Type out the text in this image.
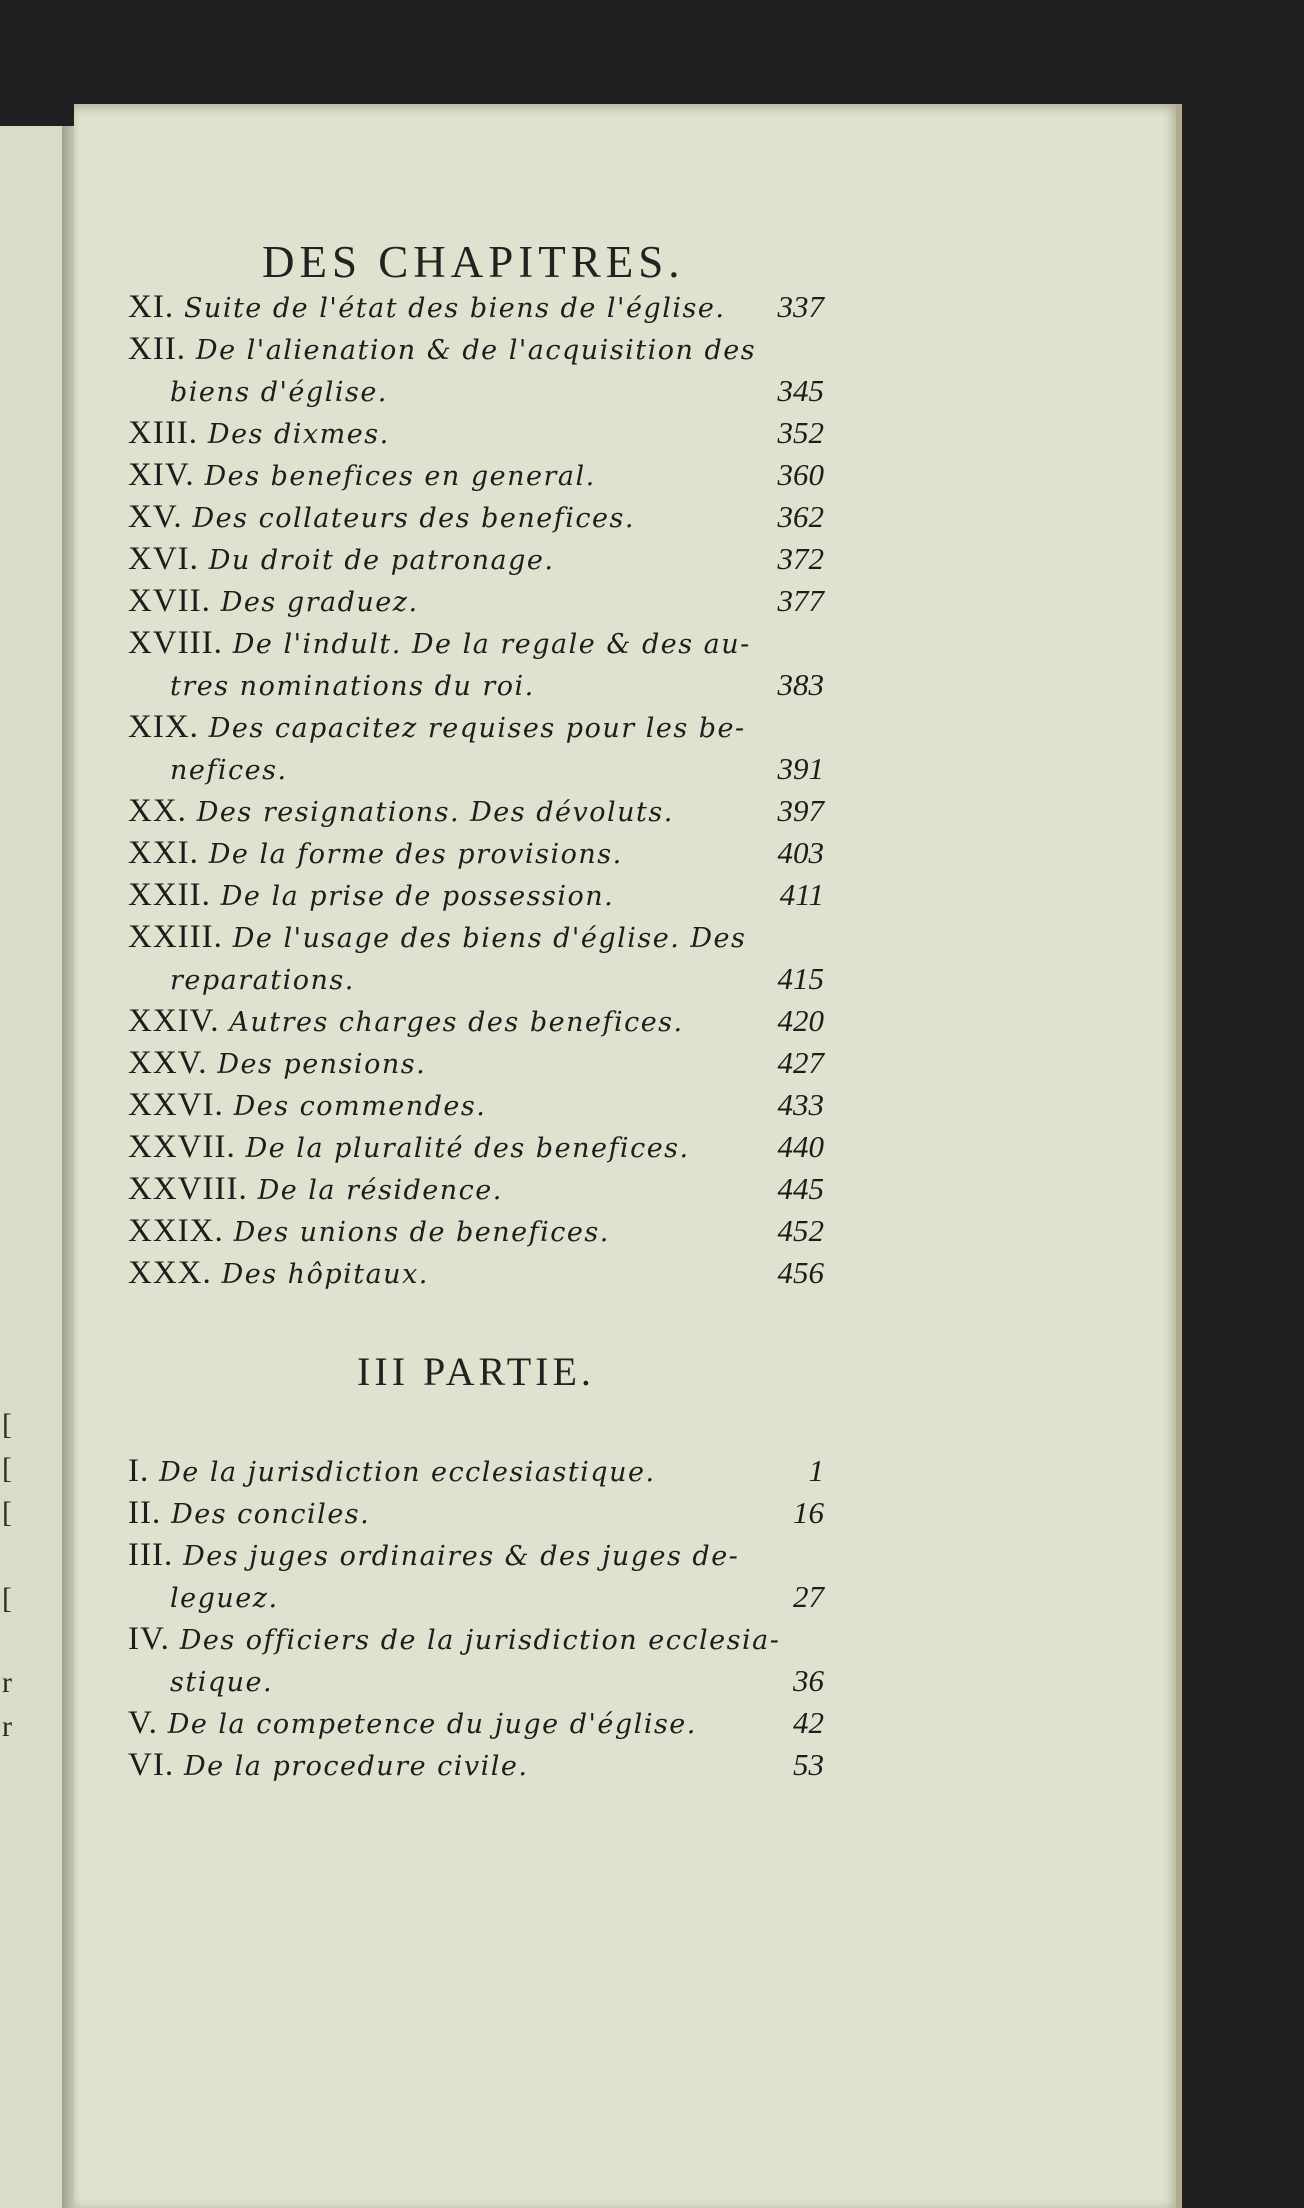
[
[
[
[
r
r
DES CHAPITRES.
XI. Suite de l'état des biens de l'église. 337
XII. De l'alienation & de l'acquisition des
biens d'église.	345
XIII. Des dixmes.	352
XIV. Des benefices en general.	360
XV. Des collateurs des benefices.	362
XVI. Du droit de patronage.	372
XVII. Des graduez.	377
XVIII. De l'indult. De la regale & des au-
tres nominations du roi.	383
XIX. Des capacitez requises pour les be-
nefices.	391
XX. Des resignations. Des dévoluts.	397
XXI. De la forme des provisions.	403
XXII. De la prise de possession.	411
XXIII. De l'usage des biens d'église. Des
reparations.	415
XXIV. Autres charges des benefices.	420
XXV. Des pensions.	427
XXVI. Des commendes.	433
XXVII. De la pluralité des benefices.	440
XXVIII. De la résidence.	445
XXIX. Des unions de benefices.	452
XXX. Des hôpitaux.	456
III PARTIE.
I. De la jurisdiction ecclesiastique.	1
II. Des conciles.	16
III. Des juges ordinaires & des juges de-
leguez.	27
IV. Des officiers de la jurisdiction ecclesia-
stique.	36
V. De la competence du juge d'église.	42
VI. De la procedure civile.	53
